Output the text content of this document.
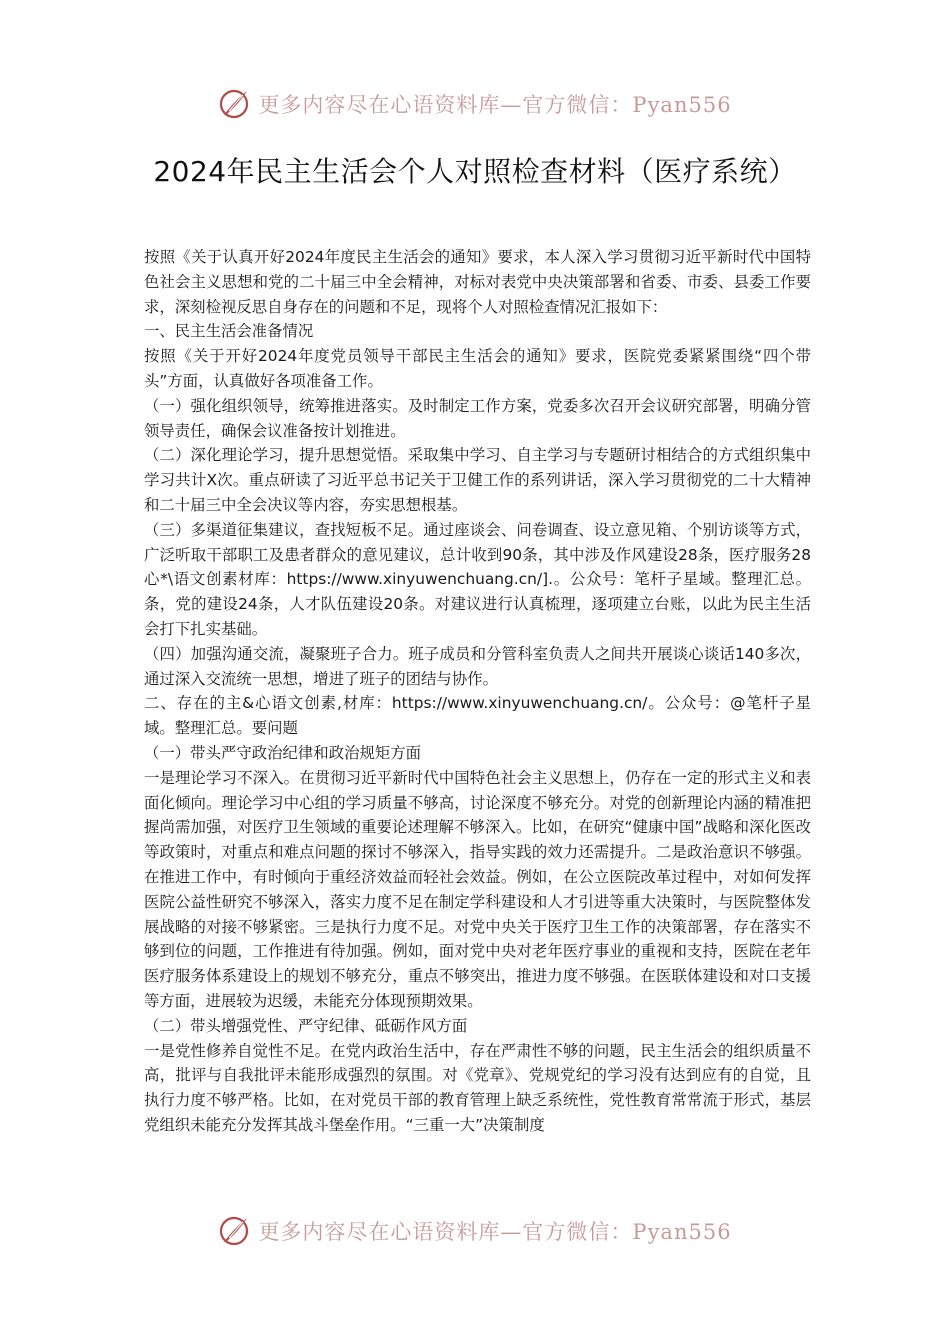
更多内容尽在心语资料库—官方微信：Pyan556
2024年民主生活会个人对照检查材料（医疗系统）

按照《关于认真开好2024年度民主生活会的通知》要求，本人深入学习贯彻习近平新时代中国特色社会主义思想和党的二十届三中全会精神，对标对表党中央决策部署和省委、市委、县委工作要求，深刻检视反思自身存在的问题和不足，现将个人对照检查情况汇报如下：

一、民主生活会准备情况

按照《关于开好2024年度党员领导干部民主生活会的通知》要求，医院党委紧紧围绕“四个带头”方面，认真做好各项准备工作。

（一）强化组织领导，统筹推进落实。及时制定工作方案，党委多次召开会议研究部署，明确分管领导责任，确保会议准备按计划推进。

（二）深化理论学习，提升思想觉悟。采取集中学习、自主学习与专题研讨相结合的方式组织集中学习共计X次。重点研读了习近平总书记关于卫健工作的系列讲话，深入学习贯彻党的二十大精神和二十届三中全会决议等内容，夯实思想根基。

（三）多渠道征集建议，查找短板不足。通过座谈会、问卷调查、设立意见箱、个别访谈等方式，广泛听取干部职工及患者群众的意见建议，总计收到90条，其中涉及作风建设28条，医疗服务28心*\语文创素材库：https://www.xinyuwenchuang.cn/].。公众号：笔杆子星域。整理汇总。条，党的建设24条，人才队伍建设20条。对建议进行认真梳理，逐项建立台账，以此为民主生活会打下扎实基础。

（四）加强沟通交流，凝聚班子合力。班子成员和分管科室负责人之间共开展谈心谈话140多次，通过深入交流统一思想，增进了班子的团结与协作。

二、存在的主&心语文创素,材库：https://www.xinyuwenchuang.cn/。公众号：@笔杆子星域。整理汇总。要问题

（一）带头严守政治纪律和政治规矩方面

一是理论学习不深入。在贯彻习近平新时代中国特色社会主义思想上，仍存在一定的形式主义和表面化倾向。理论学习中心组的学习质量不够高，讨论深度不够充分。对党的创新理论内涵的精准把握尚需加强，对医疗卫生领域的重要论述理解不够深入。比如，在研究“健康中国”战略和深化医改等政策时，对重点和难点问题的探讨不够深入，指导实践的效力还需提升。二是政治意识不够强。在推进工作中，有时倾向于重经济效益而轻社会效益。例如，在公立医院改革过程中，对如何发挥医院公益性研究不够深入，落实力度不足在制定学科建设和人才引进等重大决策时，与医院整体发展战略的对接不够紧密。三是执行力度不足。对党中央关于医疗卫生工作的决策部署，存在落实不够到位的问题，工作推进有待加强。例如，面对党中央对老年医疗事业的重视和支持，医院在老年医疗服务体系建设上的规划不够充分，重点不够突出，推进力度不够强。在医联体建设和对口支援等方面，进展较为迟缓，未能充分体现预期效果。

（二）带头增强党性、严守纪律、砥砺作风方面

一是党性修养自觉性不足。在党内政治生活中，存在严肃性不够的问题，民主生活会的组织质量不高，批评与自我批评未能形成强烈的氛围。对《党章》、党规党纪的学习没有达到应有的自觉，且执行力度不够严格。比如，在对党员干部的教育管理上缺乏系统性，党性教育常常流于形式，基层党组织未能充分发挥其战斗堡垒作用。“三重一大”决策制度

更多内容尽在心语资料库—官方微信：Pyan556
